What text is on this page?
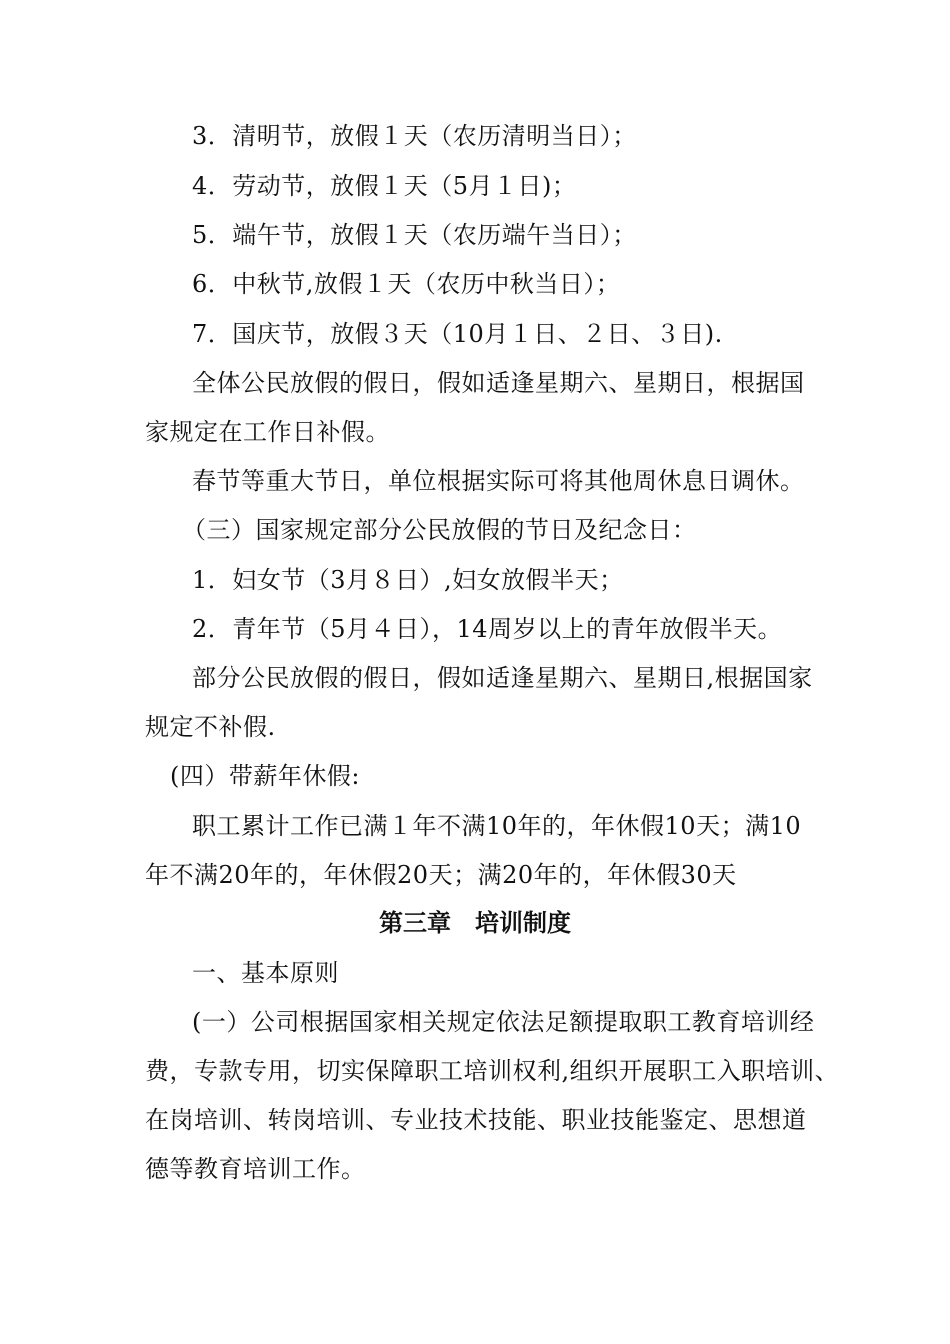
3．清明节，放假１天（农历清明当日）；
4．劳动节，放假１天（5月１日)；
5．端午节，放假１天（农历端午当日）；
6．中秋节,放假１天（农历中秋当日）；
7．国庆节，放假３天（10月１日、２日、３日).
全体公民放假的假日，假如适逢星期六、星期日，根据国
家规定在工作日补假。
春节等重大节日，单位根据实际可将其他周休息日调休。
（三）国家规定部分公民放假的节日及纪念日：
1．妇女节（3月８日）,妇女放假半天；
2．青年节（5月４日），14周岁以上的青年放假半天。
部分公民放假的假日，假如适逢星期六、星期日,根据国家
规定不补假.
(四）带薪年休假:
职工累计工作已满１年不满10年的，年休假10天；满10
年不满20年的，年休假20天；满20年的，年休假30天
第三章　培训制度
一、基本原则
(一）公司根据国家相关规定依法足额提取职工教育培训经
费，专款专用，切实保障职工培训权利,组织开展职工入职培训、
在岗培训、转岗培训、专业技术技能、职业技能鉴定、思想道
德等教育培训工作。
